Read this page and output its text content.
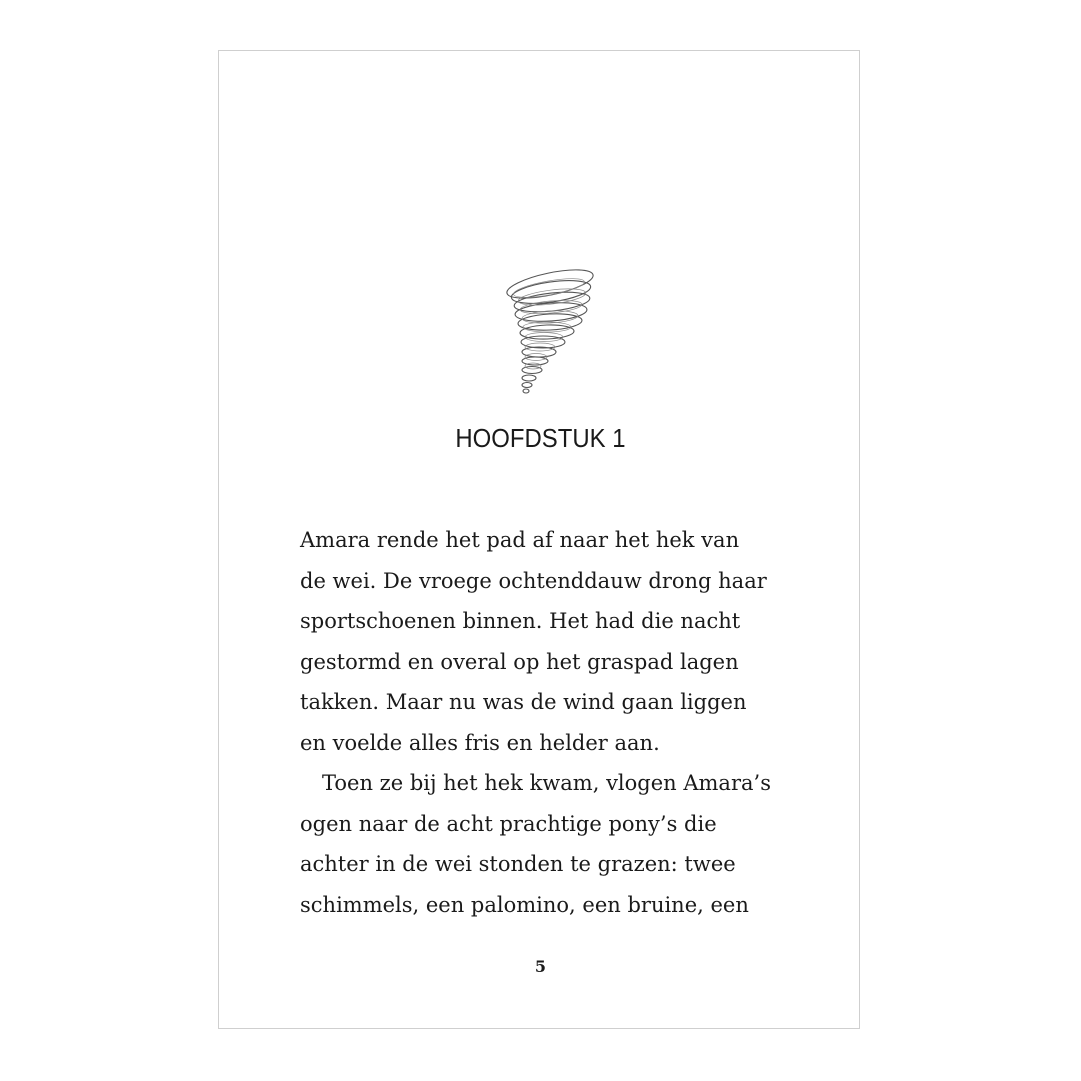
HOOFDSTUK 1

Amara rende het pad af naar het hek van
de wei. De vroege ochtenddauw drong haar
sportschoenen binnen. Het had die nacht
gestormd en overal op het graspad lagen
takken. Maar nu was de wind gaan liggen
en voelde alles fris en helder aan.
Toen ze bij het hek kwam, vlogen Amara’s
ogen naar de acht prachtige pony’s die
achter in de wei stonden te grazen: twee
schimmels, een palomino, een bruine, een

5
